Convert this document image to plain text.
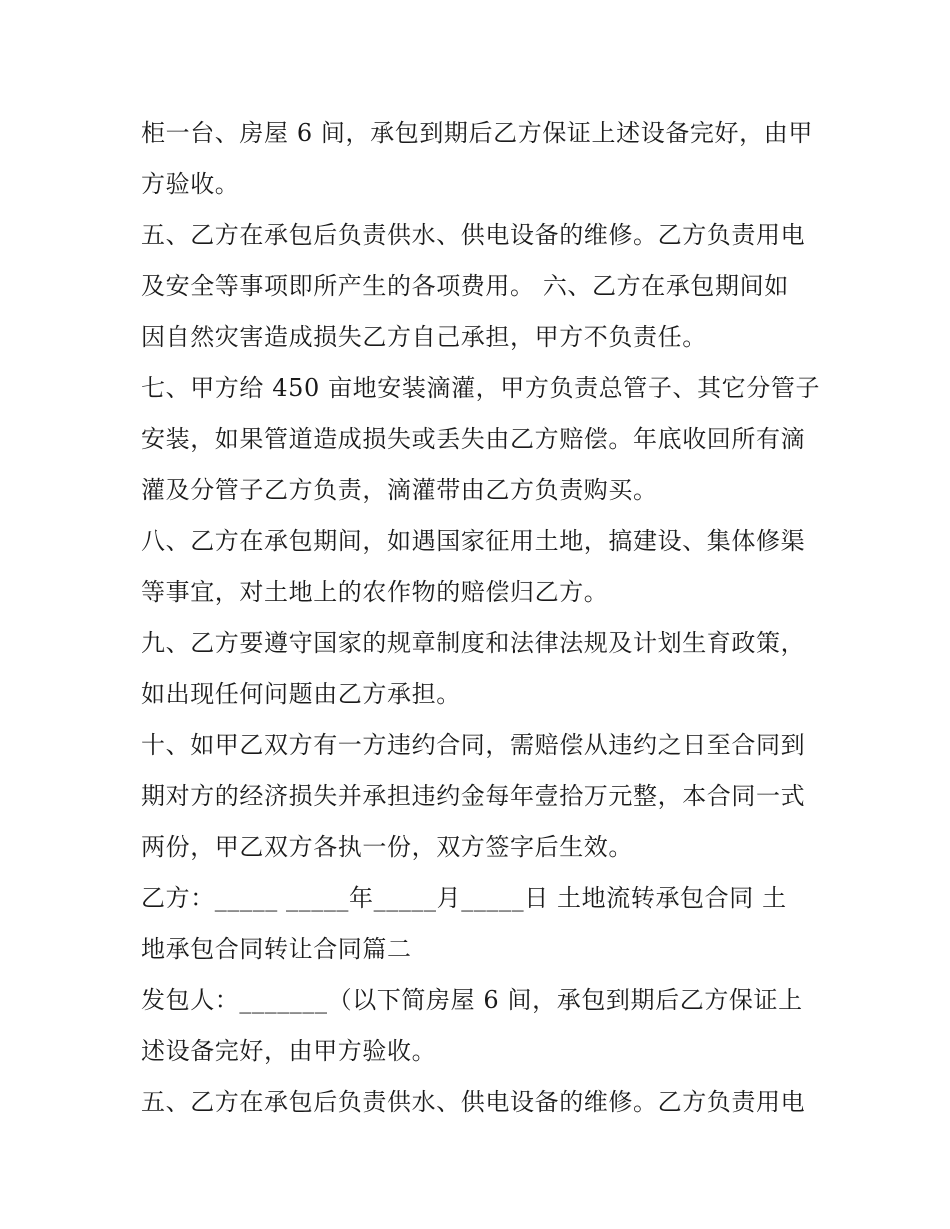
柜一台、房屋 6 间，承包到期后乙方保证上述设备完好，由甲
方验收。
五、乙方在承包后负责供水、供电设备的维修。乙方负责用电
及安全等事项即所产生的各项费用。 六、乙方在承包期间如
因自然灾害造成损失乙方自己承担，甲方不负责任。
七、甲方给 450 亩地安装滴灌，甲方负责总管子、其它分管子
安装，如果管道造成损失或丢失由乙方赔偿。年底收回所有滴
灌及分管子乙方负责，滴灌带由乙方负责购买。
八、乙方在承包期间，如遇国家征用土地，搞建设、集体修渠
等事宜，对土地上的农作物的赔偿归乙方。
九、乙方要遵守国家的规章制度和法律法规及计划生育政策，
如出现任何问题由乙方承担。
十、如甲乙双方有一方违约合同，需赔偿从违约之日至合同到
期对方的经济损失并承担违约金每年壹拾万元整，本合同一式
两份，甲乙双方各执一份，双方签字后生效。
乙方：_____ _____年_____月_____日 土地流转承包合同 土
地承包合同转让合同篇二
发包人：_______（以下简房屋 6 间，承包到期后乙方保证上
述设备完好，由甲方验收。
五、乙方在承包后负责供水、供电设备的维修。乙方负责用电
